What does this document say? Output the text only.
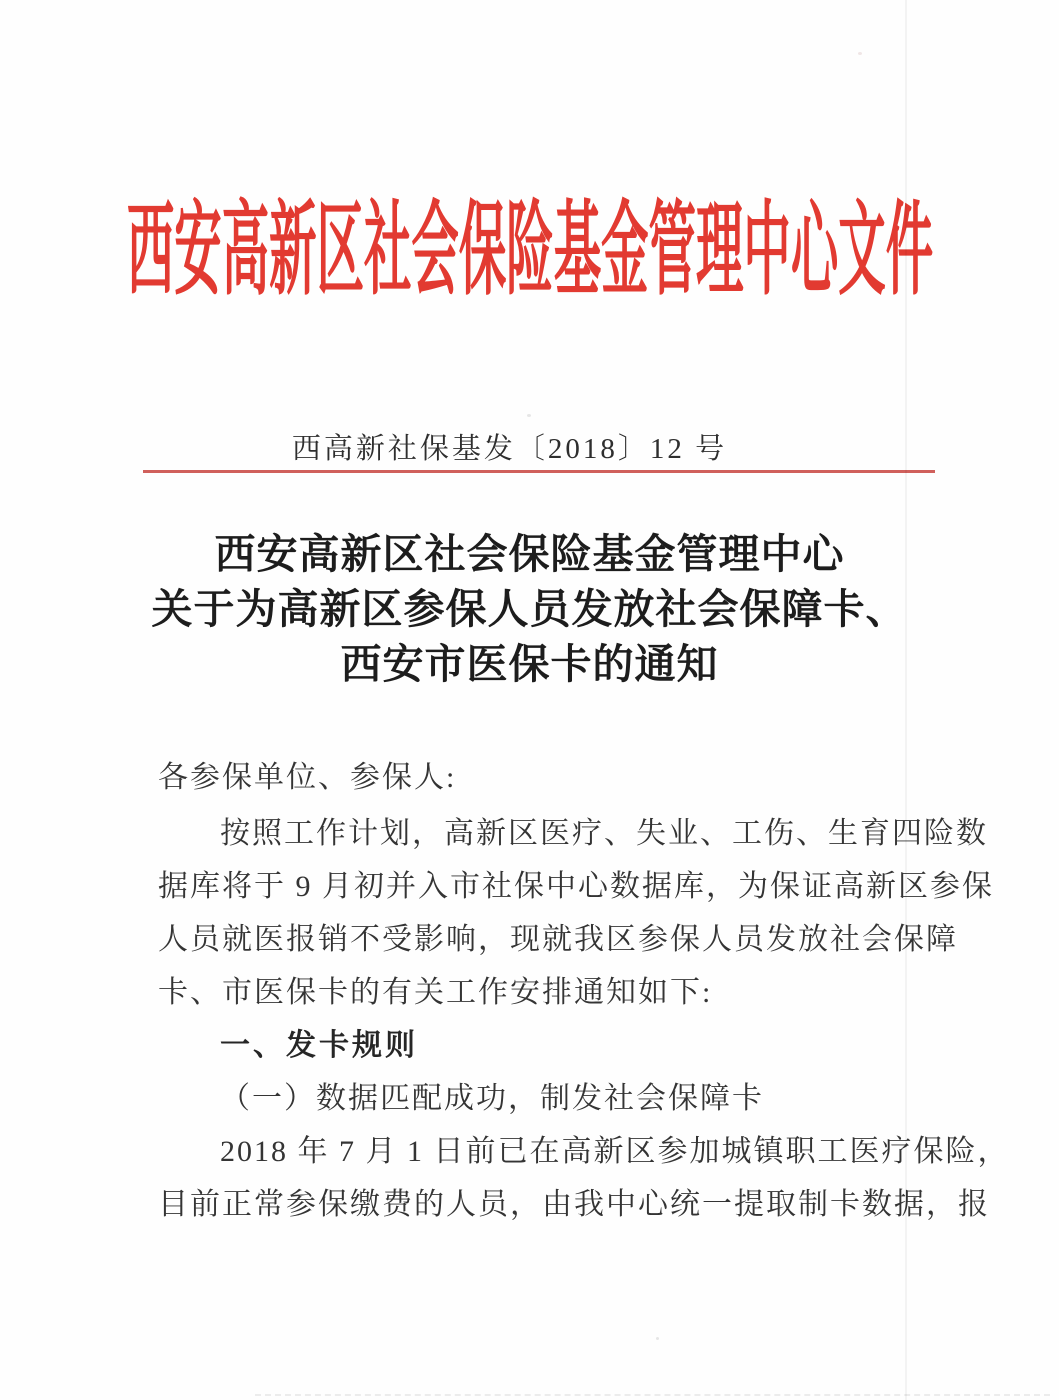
西安高新区社会保险基金管理中心文件
西高新社保基发〔2018〕12 号
西安高新区社会保险基金管理中心
关于为高新区参保人员发放社会保障卡、
西安市医保卡的通知
各参保单位、参保人:
按照工作计划，高新区医疗、失业、工伤、生育四险数
据库将于 9 月初并入市社保中心数据库，为保证高新区参保
人员就医报销不受影响，现就我区参保人员发放社会保障
卡、市医保卡的有关工作安排通知如下:
一、发卡规则
（一）数据匹配成功，制发社会保障卡
2018 年 7 月 1 日前已在高新区参加城镇职工医疗保险，
目前正常参保缴费的人员，由我中心统一提取制卡数据，报
